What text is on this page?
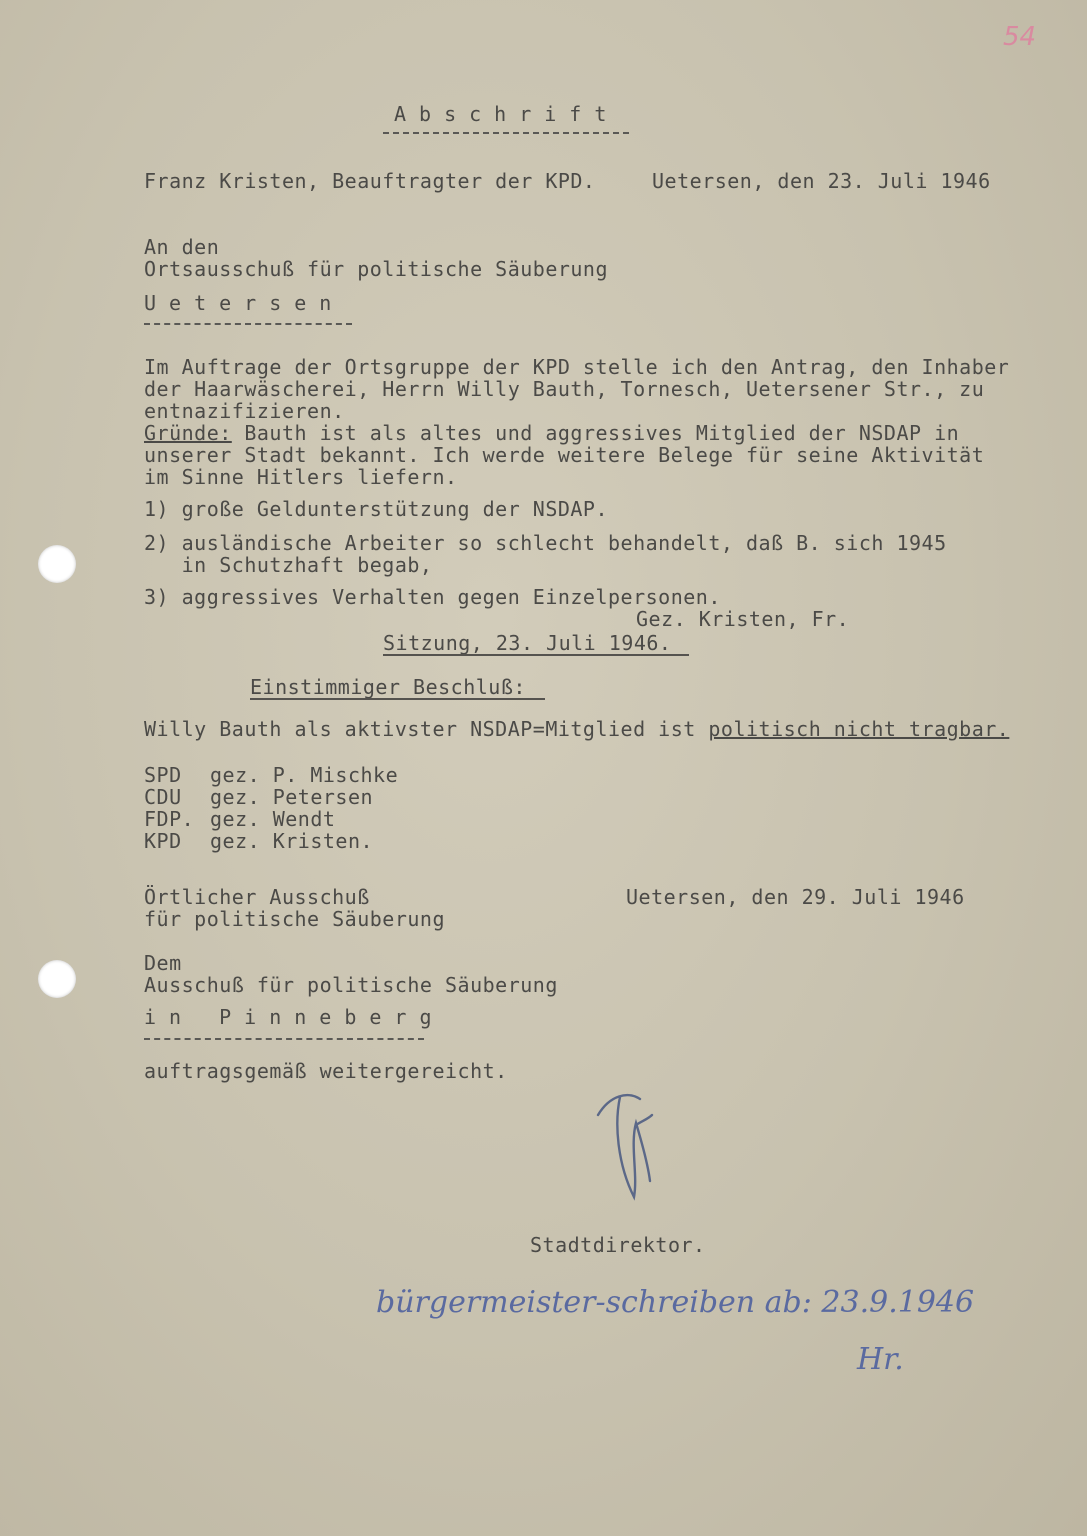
54
Abschrift
Franz Kristen, Beauftragter der KPD.	Uetersen, den 23. Juli 1946
An den
Ortsausschuß für politische Säuberung
Uetersen
Im Auftrage der Ortsgruppe der KPD stelle ich den Antrag, den Inhaber
der Haarwäscherei, Herrn Willy Bauth, Tornesch, Uetersener Str., zu
entnazifizieren.
Gründe: Bauth ist als altes und aggressives Mitglied der NSDAP in
unserer Stadt bekannt. Ich werde weitere Belege für seine Aktivität
im Sinne Hitlers liefern.
1) große Geldunterstützung der NSDAP.
2) ausländische Arbeiter so schlecht behandelt, daß B. sich 1945
in Schutzhaft begab,
3) aggressives Verhalten gegen Einzelpersonen.
Gez. Kristen, Fr.
Sitzung, 23. Juli 1946.
Einstimmiger Beschluß:
Willy Bauth als aktivster NSDAP=Mitglied ist politisch nicht tragbar.
SPD gez. P. Mischke
CDU gez. Petersen
FDP. gez. Wendt
KPD gez. Kristen.
Örtlicher Ausschuß
für politische Säuberung
Uetersen, den 29. Juli 1946
Dem
Ausschuß für politische Säuberung
in Pinneberg
auftragsgemäß weitergereicht.
Stadtdirektor.
bürgermeister-schreiben ab: 23.9.1946
Hr.
